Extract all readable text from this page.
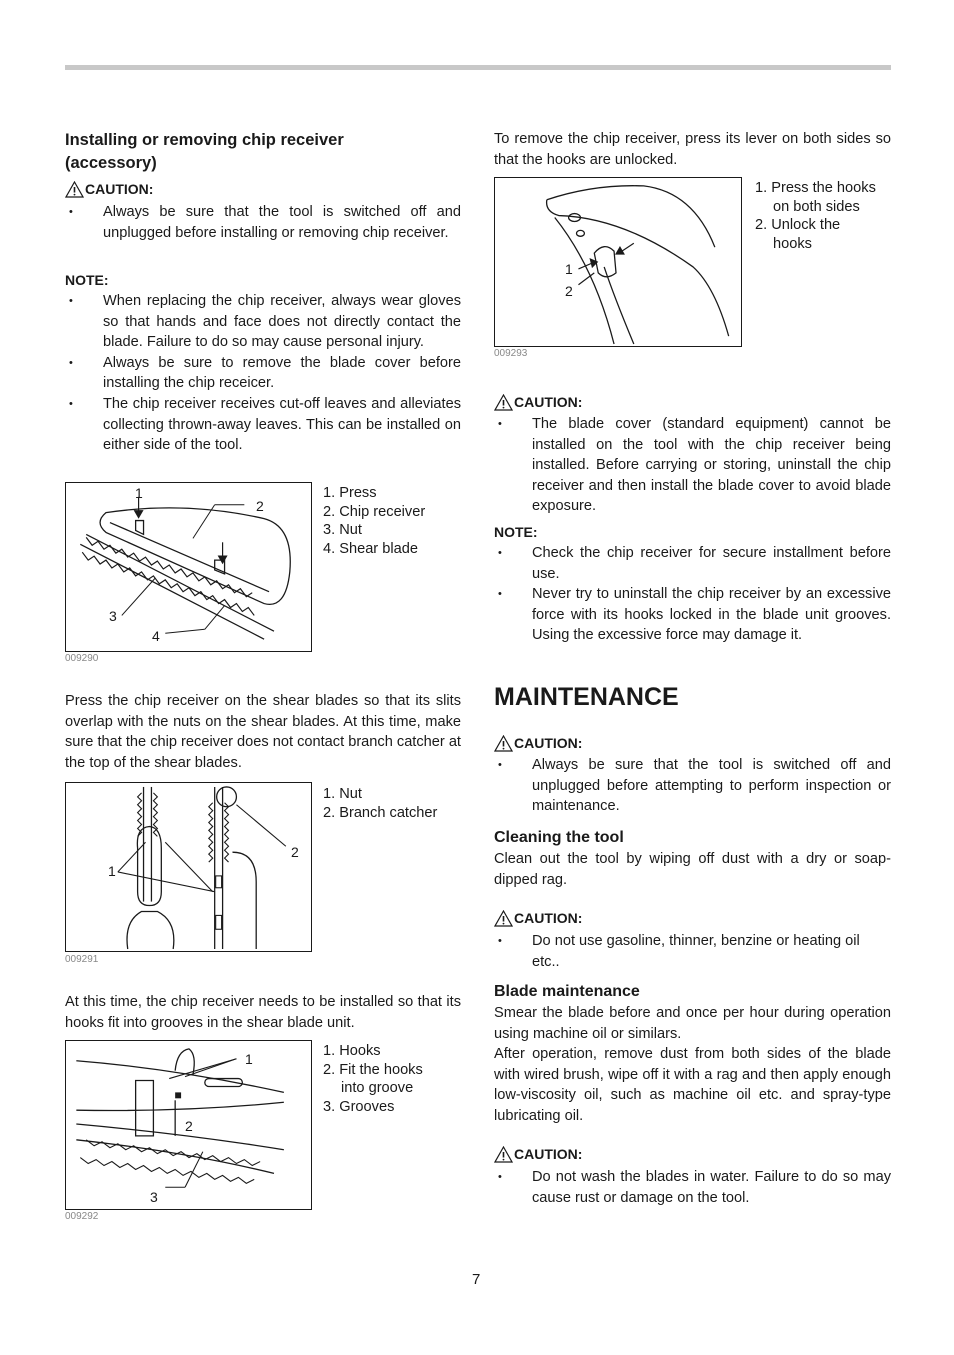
Installing or removing chip receiver (accessory)
CAUTION:
• Always be sure that the tool is switched off and unplugged before installing or removing chip receiver.
NOTE:
• When replacing the chip receiver, always wear gloves so that hands and face does not directly contact the blade. Failure to do so may cause personal injury.
• Always be sure to remove the blade cover before installing the chip receicer.
• The chip receiver receives cut-off leaves and alleviates collecting thrown-away leaves. This can be installed on either side of the tool.
1
2
3
4
009290
1. Press
2. Chip receiver
3. Nut
4. Shear blade
Press the chip receiver on the shear blades so that its slits overlap with the nuts on the shear blades. At this time, make sure that the chip receiver does not contact branch catcher at the top of the shear blades.
1
2
009291
1. Nut
2. Branch catcher
At this time, the chip receiver needs to be installed so that its hooks fit into grooves in the shear blade unit.
1
2
3
009292
1. Hooks
2. Fit the hooks
into groove
3. Grooves
To remove the chip receiver, press its lever on both sides so that the hooks are unlocked.
1
2
009293
1. Press the hooks
on both sides
2. Unlock the
hooks
CAUTION:
• The blade cover (standard equipment) cannot be installed on the tool with the chip receiver being installed. Before carrying or storing, uninstall the chip receiver and then install the blade cover to avoid blade exposure.
NOTE:
• Check the chip receiver for secure installment before use.
• Never try to uninstall the chip receiver by an excessive force with its hooks locked in the blade unit grooves. Using the excessive force may damage it.
MAINTENANCE
CAUTION:
• Always be sure that the tool is switched off and unplugged before attempting to perform inspection or maintenance.
Cleaning the tool
Clean out the tool by wiping off dust with a dry or soap-dipped rag.
CAUTION:
• Do not use gasoline, thinner, benzine or heating oil etc..
Blade maintenance
Smear the blade before and once per hour during operation using machine oil or similars.
After operation, remove dust from both sides of the blade with wired brush, wipe off it with a rag and then apply enough low-viscosity oil, such as machine oil etc. and spray-type lubricating oil.
CAUTION:
• Do not wash the blades in water. Failure to do so may cause rust or damage on the tool.
7
